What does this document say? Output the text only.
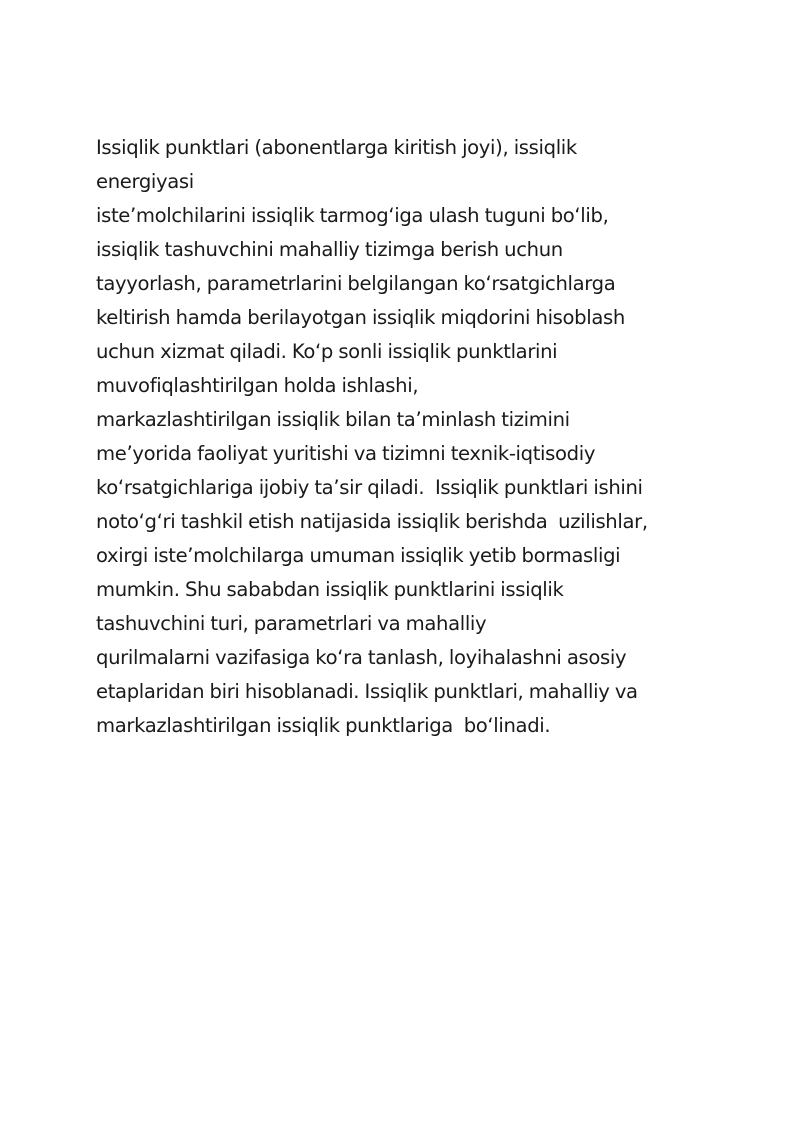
Issiqlik punktlari (abonentlarga kiritish joyi), issiqlik
energiyasi
iste’molchilarini issiqlik tarmog‘iga ulash tuguni bo‘lib,
issiqlik tashuvchini mahalliy tizimga berish uchun
tayyorlash, parametrlarini belgilangan ko‘rsatgichlarga
keltirish hamda berilayotgan issiqlik miqdorini hisoblash
uchun xizmat qiladi. Ko‘p sonli issiqlik punktlarini
muvofiqlashtirilgan holda ishlashi,
markazlashtirilgan issiqlik bilan ta’minlash tizimini
me’yorida faoliyat yuritishi va tizimni texnik-iqtisodiy
ko‘rsatgichlariga ijobiy ta’sir qiladi.  Issiqlik punktlari ishini
noto‘g‘ri tashkil etish natijasida issiqlik berishda  uzilishlar,
oxirgi iste’molchilarga umuman issiqlik yetib bormasligi
mumkin. Shu sababdan issiqlik punktlarini issiqlik
tashuvchini turi, parametrlari va mahalliy
qurilmalarni vazifasiga ko‘ra tanlash, loyihalashni asosiy
etaplaridan biri hisoblanadi. Issiqlik punktlari, mahalliy va
markazlashtirilgan issiqlik punktlariga  bo‘linadi.
